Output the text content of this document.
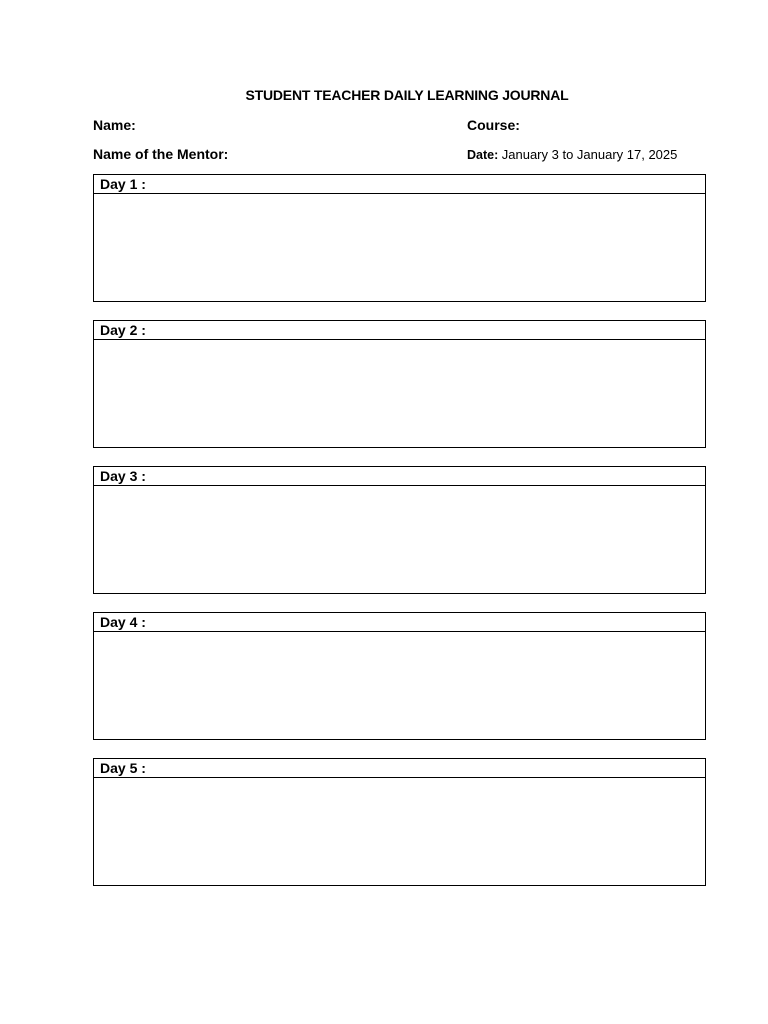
STUDENT TEACHER DAILY LEARNING JOURNAL
Name:	Course:
Name of the Mentor:	Date: January 3 to January 17, 2025
Day 1 :
Day 2 :
Day 3 :
Day 4 :
Day 5 :
